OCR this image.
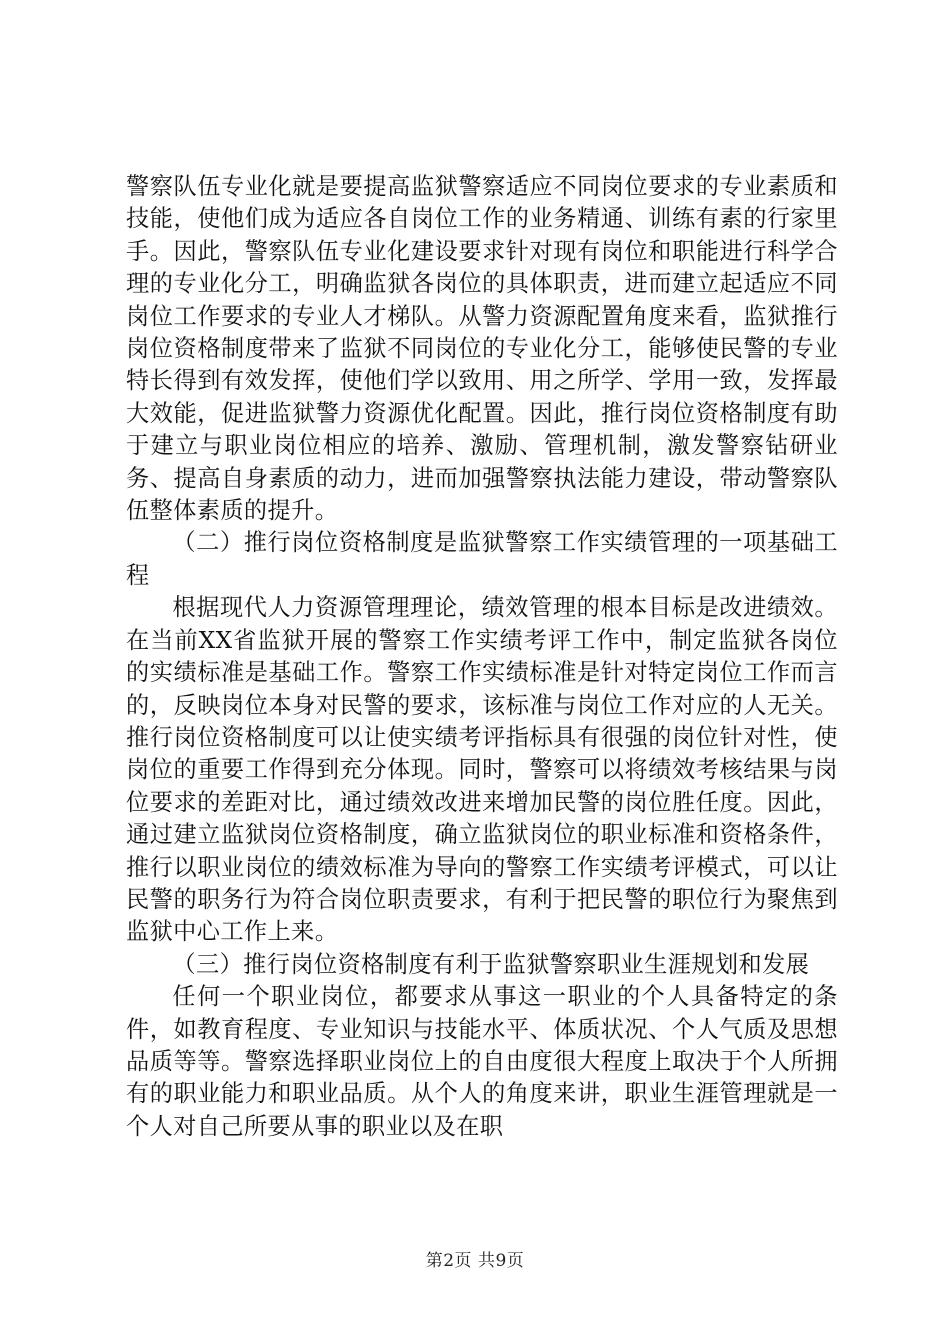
警察队伍专业化就是要提高监狱警察适应不同岗位要求的专业素质和技能，使他们成为适应各自岗位工作的业务精通、训练有素的行家里手。因此，警察队伍专业化建设要求针对现有岗位和职能进行科学合理的专业化分工，明确监狱各岗位的具体职责，进而建立起适应不同岗位工作要求的专业人才梯队。从警力资源配置角度来看，监狱推行岗位资格制度带来了监狱不同岗位的专业化分工，能够使民警的专业特长得到有效发挥，使他们学以致用、用之所学、学用一致，发挥最大效能，促进监狱警力资源优化配置。因此，推行岗位资格制度有助于建立与职业岗位相应的培养、激励、管理机制，激发警察钻研业务、提高自身素质的动力，进而加强警察执法能力建设，带动警察队伍整体素质的提升。

（二）推行岗位资格制度是监狱警察工作实绩管理的一项基础工程

根据现代人力资源管理理论，绩效管理的根本目标是改进绩效。在当前XX省监狱开展的警察工作实绩考评工作中，制定监狱各岗位的实绩标准是基础工作。警察工作实绩标准是针对特定岗位工作而言的，反映岗位本身对民警的要求，该标准与岗位工作对应的人无关。推行岗位资格制度可以让使实绩考评指标具有很强的岗位针对性，使岗位的重要工作得到充分体现。同时，警察可以将绩效考核结果与岗位要求的差距对比，通过绩效改进来增加民警的岗位胜任度。因此，通过建立监狱岗位资格制度，确立监狱岗位的职业标准和资格条件，推行以职业岗位的绩效标准为导向的警察工作实绩考评模式，可以让民警的职务行为符合岗位职责要求，有利于把民警的职位行为聚焦到监狱中心工作上来。

（三）推行岗位资格制度有利于监狱警察职业生涯规划和发展

任何一个职业岗位，都要求从事这一职业的个人具备特定的条件，如教育程度、专业知识与技能水平、体质状况、个人气质及思想品质等等。警察选择职业岗位上的自由度很大程度上取决于个人所拥有的职业能力和职业品质。从个人的角度来讲，职业生涯管理就是一个人对自己所要从事的职业以及在职

第2页 共9页
